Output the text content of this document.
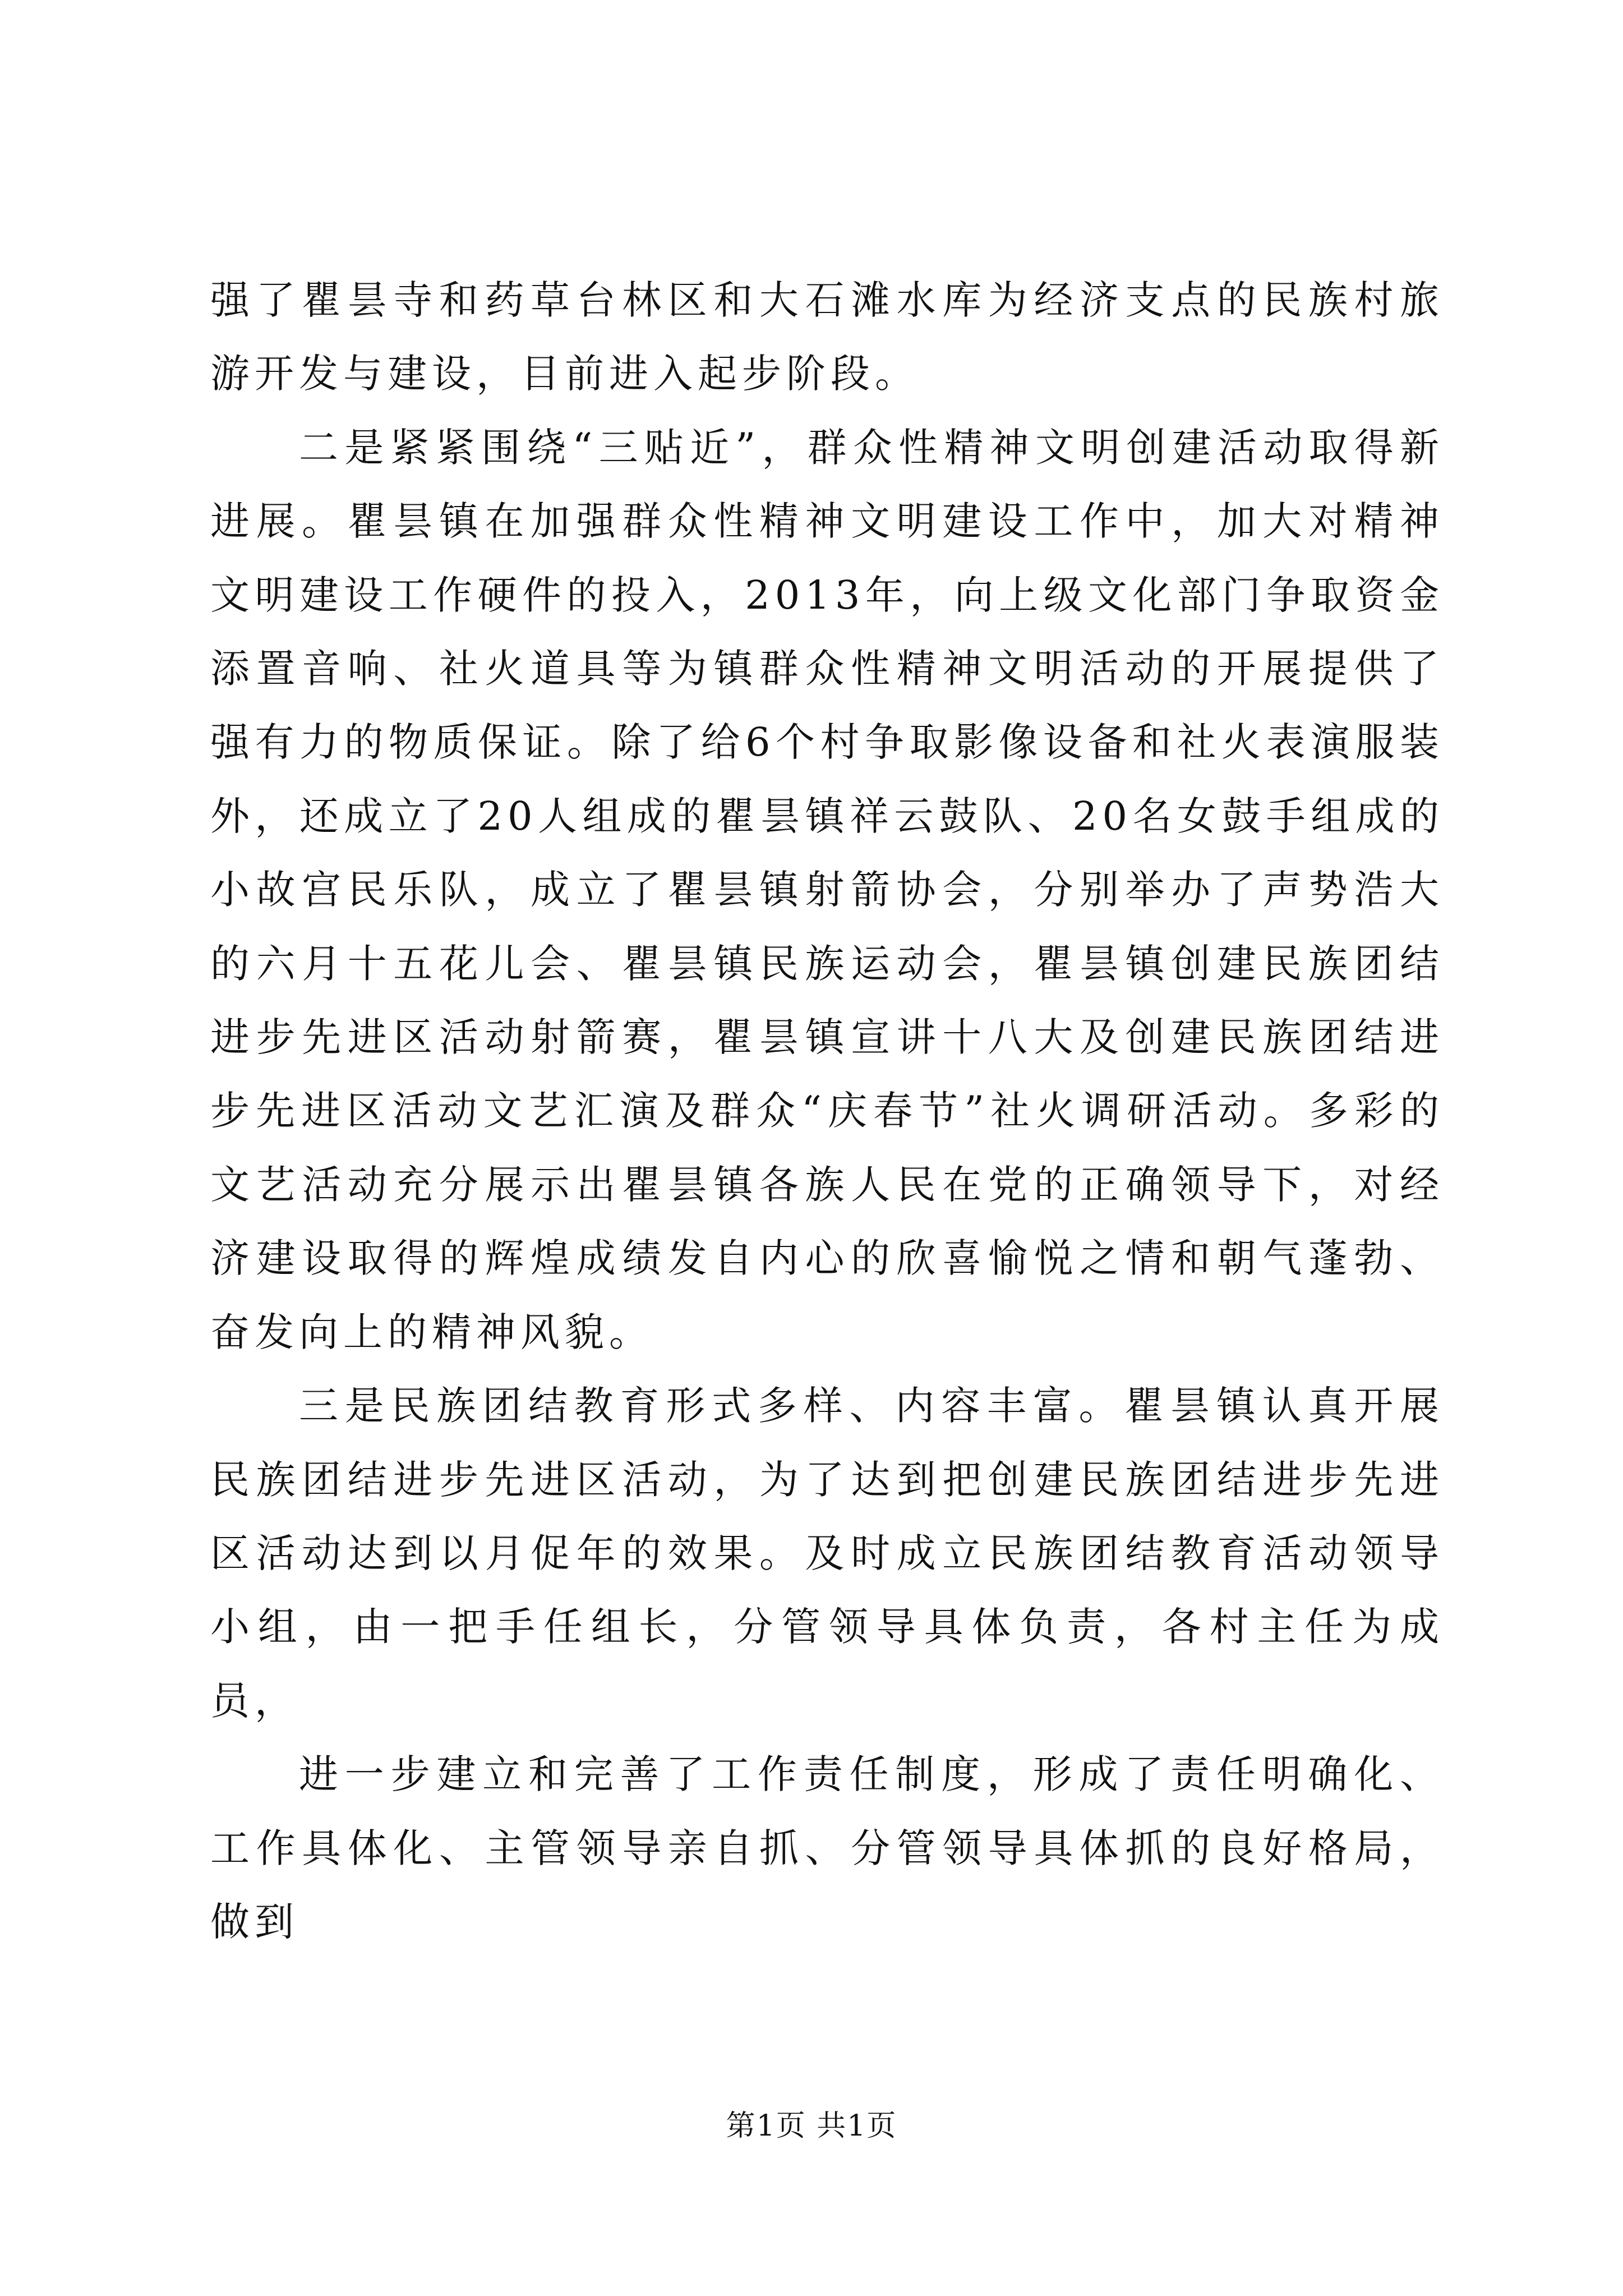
强了瞿昙寺和药草台林区和大石滩水库为经济支点的民族村旅游开发与建设，目前进入起步阶段。

二是紧紧围绕“三贴近”，群众性精神文明创建活动取得新进展。瞿昙镇在加强群众性精神文明建设工作中，加大对精神文明建设工作硬件的投入，2013年，向上级文化部门争取资金添置音响、社火道具等为镇群众性精神文明活动的开展提供了强有力的物质保证。除了给6个村争取影像设备和社火表演服装外，还成立了20人组成的瞿昙镇祥云鼓队、20名女鼓手组成的小故宫民乐队，成立了瞿昙镇射箭协会，分别举办了声势浩大的六月十五花儿会、瞿昙镇民族运动会，瞿昙镇创建民族团结进步先进区活动射箭赛，瞿昙镇宣讲十八大及创建民族团结进步先进区活动文艺汇演及群众“庆春节”社火调研活动。多彩的文艺活动充分展示出瞿昙镇各族人民在党的正确领导下，对经济建设取得的辉煌成绩发自内心的欣喜愉悦之情和朝气蓬勃、奋发向上的精神风貌。

三是民族团结教育形式多样、内容丰富。瞿昙镇认真开展民族团结进步先进区活动，为了达到把创建民族团结进步先进区活动达到以月促年的效果。及时成立民族团结教育活动领导小组，由一把手任组长，分管领导具体负责，各村主任为成员，

进一步建立和完善了工作责任制度，形成了责任明确化、工作具体化、主管领导亲自抓、分管领导具体抓的良好格局，做到

第1页 共1页
